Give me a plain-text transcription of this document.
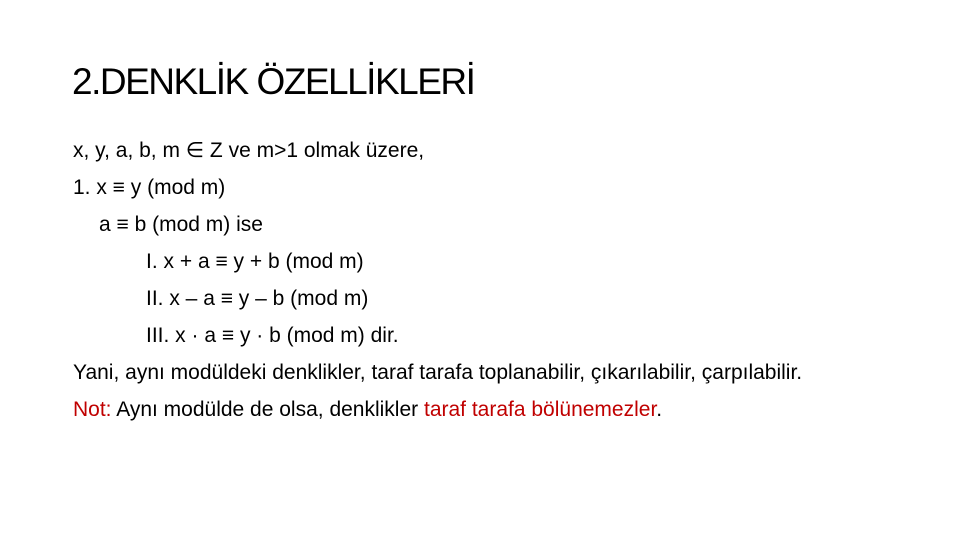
2.DENKLİK ÖZELLİKLERİ
x, y, a, b, m ∈ Z ve m>1 olmak üzere,
1. x ≡ y (mod m)
a ≡ b (mod m) ise
I. x + a ≡ y + b (mod m)
II. x – a ≡ y – b (mod m)
III. x · a ≡ y · b (mod m) dir.
Yani, aynı modüldeki denklikler, taraf tarafa toplanabilir, çıkarılabilir, çarpılabilir.
Not: Aynı modülde de olsa, denklikler taraf tarafa bölünemezler.
